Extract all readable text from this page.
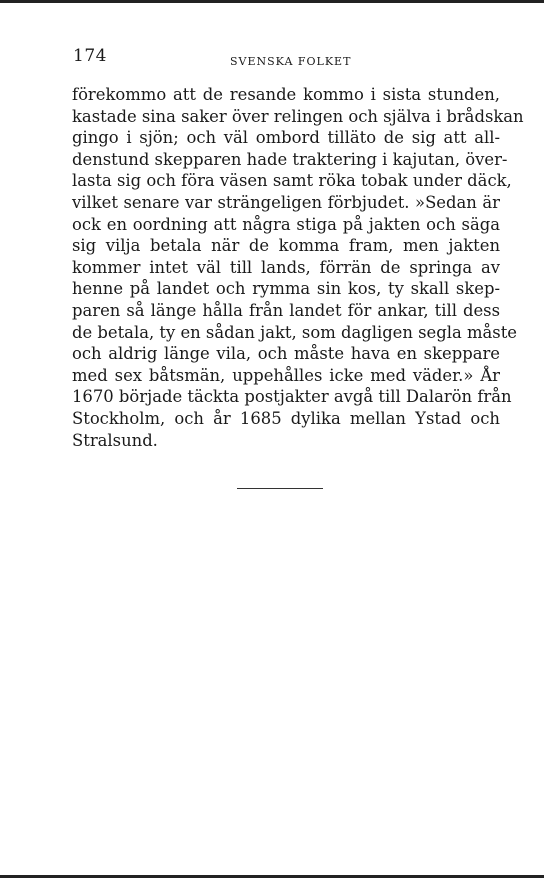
174	SVENSKA FOLKET
förekommo att de resande kommo i sista stunden,
kastade sina saker över relingen och själva i brådskan
gingo i sjön; och väl ombord tilläto de sig att all-
denstund skepparen hade traktering i kajutan, över-
lasta sig och föra väsen samt röka tobak under däck,
vilket senare var strängeligen förbjudet. »Sedan är
ock en oordning att några stiga på jakten och säga
sig vilja betala när de komma fram, men jakten
kommer intet väl till lands, förrän de springa av
henne på landet och rymma sin kos, ty skall skep-
paren så länge hålla från landet för ankar, till dess
de betala, ty en sådan jakt, som dagligen segla måste
och aldrig länge vila, och måste hava en skeppare
med sex båtsmän, uppehålles icke med väder.» År
1670 började täckta postjakter avgå till Dalarön från
Stockholm, och år 1685 dylika mellan Ystad och
Stralsund.
